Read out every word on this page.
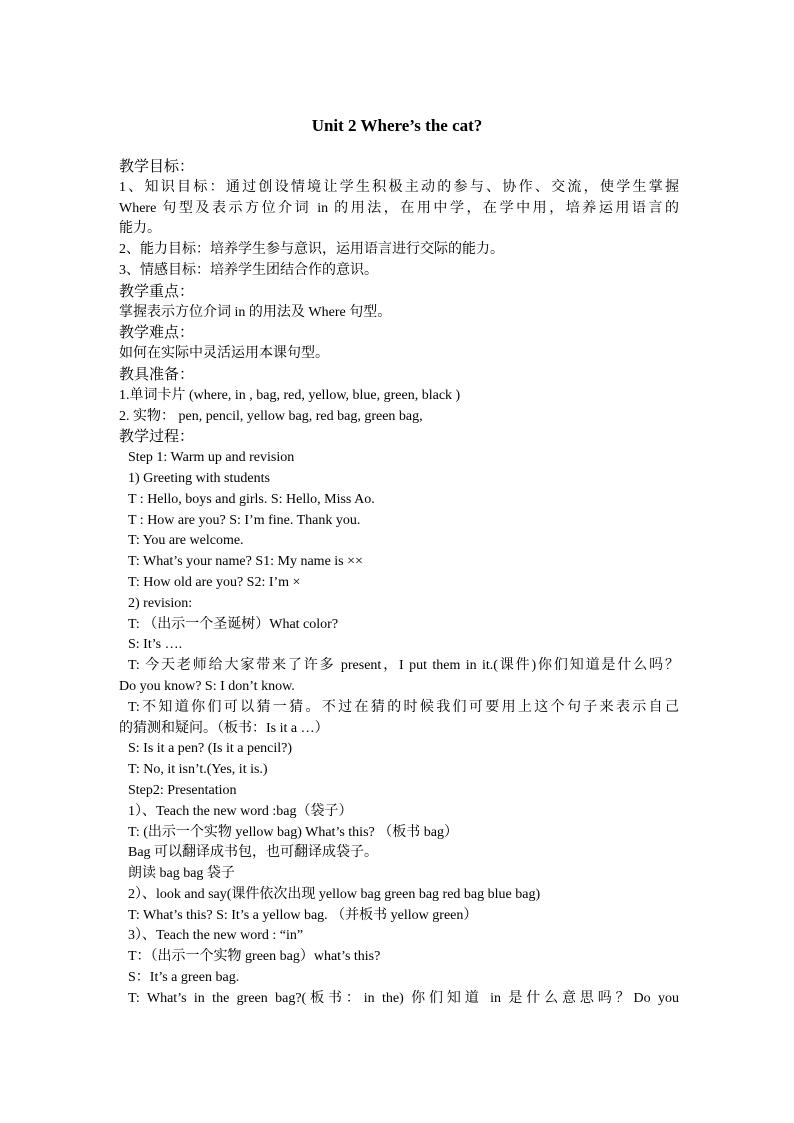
Unit 2 Where’s the cat?
教学目标：
1、知识目标：通过创设情境让学生积极主动的参与、协作、交流，使学生掌握
Where 句型及表示方位介词 in 的用法，在用中学，在学中用，培养运用语言的
能力。
2、能力目标：培养学生参与意识，运用语言进行交际的能力。
3、情感目标：培养学生团结合作的意识。
教学重点：
掌握表示方位介词 in 的用法及 Where 句型。
教学难点：
如何在实际中灵活运用本课句型。
教具准备：
1.单词卡片 (where, in , bag, red, yellow, blue, green, black )
2. 实物： pen, pencil, yellow bag, red bag, green bag,
教学过程：
Step 1: Warm up and revision
1) Greeting with students
T : Hello, boys and girls. S: Hello, Miss Ao.
T : How are you? S: I’m fine. Thank you.
T: You are welcome.
T: What’s your name? S1: My name is ××
T: How old are you? S2: I’m ×
2) revision:
T: （出示一个圣诞树）What color?
S: It’s ….
T: 今天老师给大家带来了许多 present，I put them in it.(课件)你们知道是什么吗？
Do you know? S: I don’t know.
T:不知道你们可以猜一猜。不过在猜的时候我们可要用上这个句子来表示自己
的猜测和疑问。（板书：Is it a …）
S: Is it a pen? (Is it a pencil?)
T: No, it isn’t.(Yes, it is.)
Step2: Presentation
1）、Teach the new word :bag（袋子）
T: (出示一个实物 yellow bag) What’s this? （板书 bag）
Bag 可以翻译成书包，也可翻译成袋子。
朗读 bag bag 袋子
2）、look and say(课件依次出现 yellow bag green bag red bag blue bag)
T: What’s this? S: It’s a yellow bag. （并板书 yellow green）
3）、Teach the new word : “in”
T：（出示一个实物 green bag）what’s this?
S：It’s a green bag.
T: What’s in the green bag?(板书：in the) 你们知道 in 是什么意思吗？Do you
